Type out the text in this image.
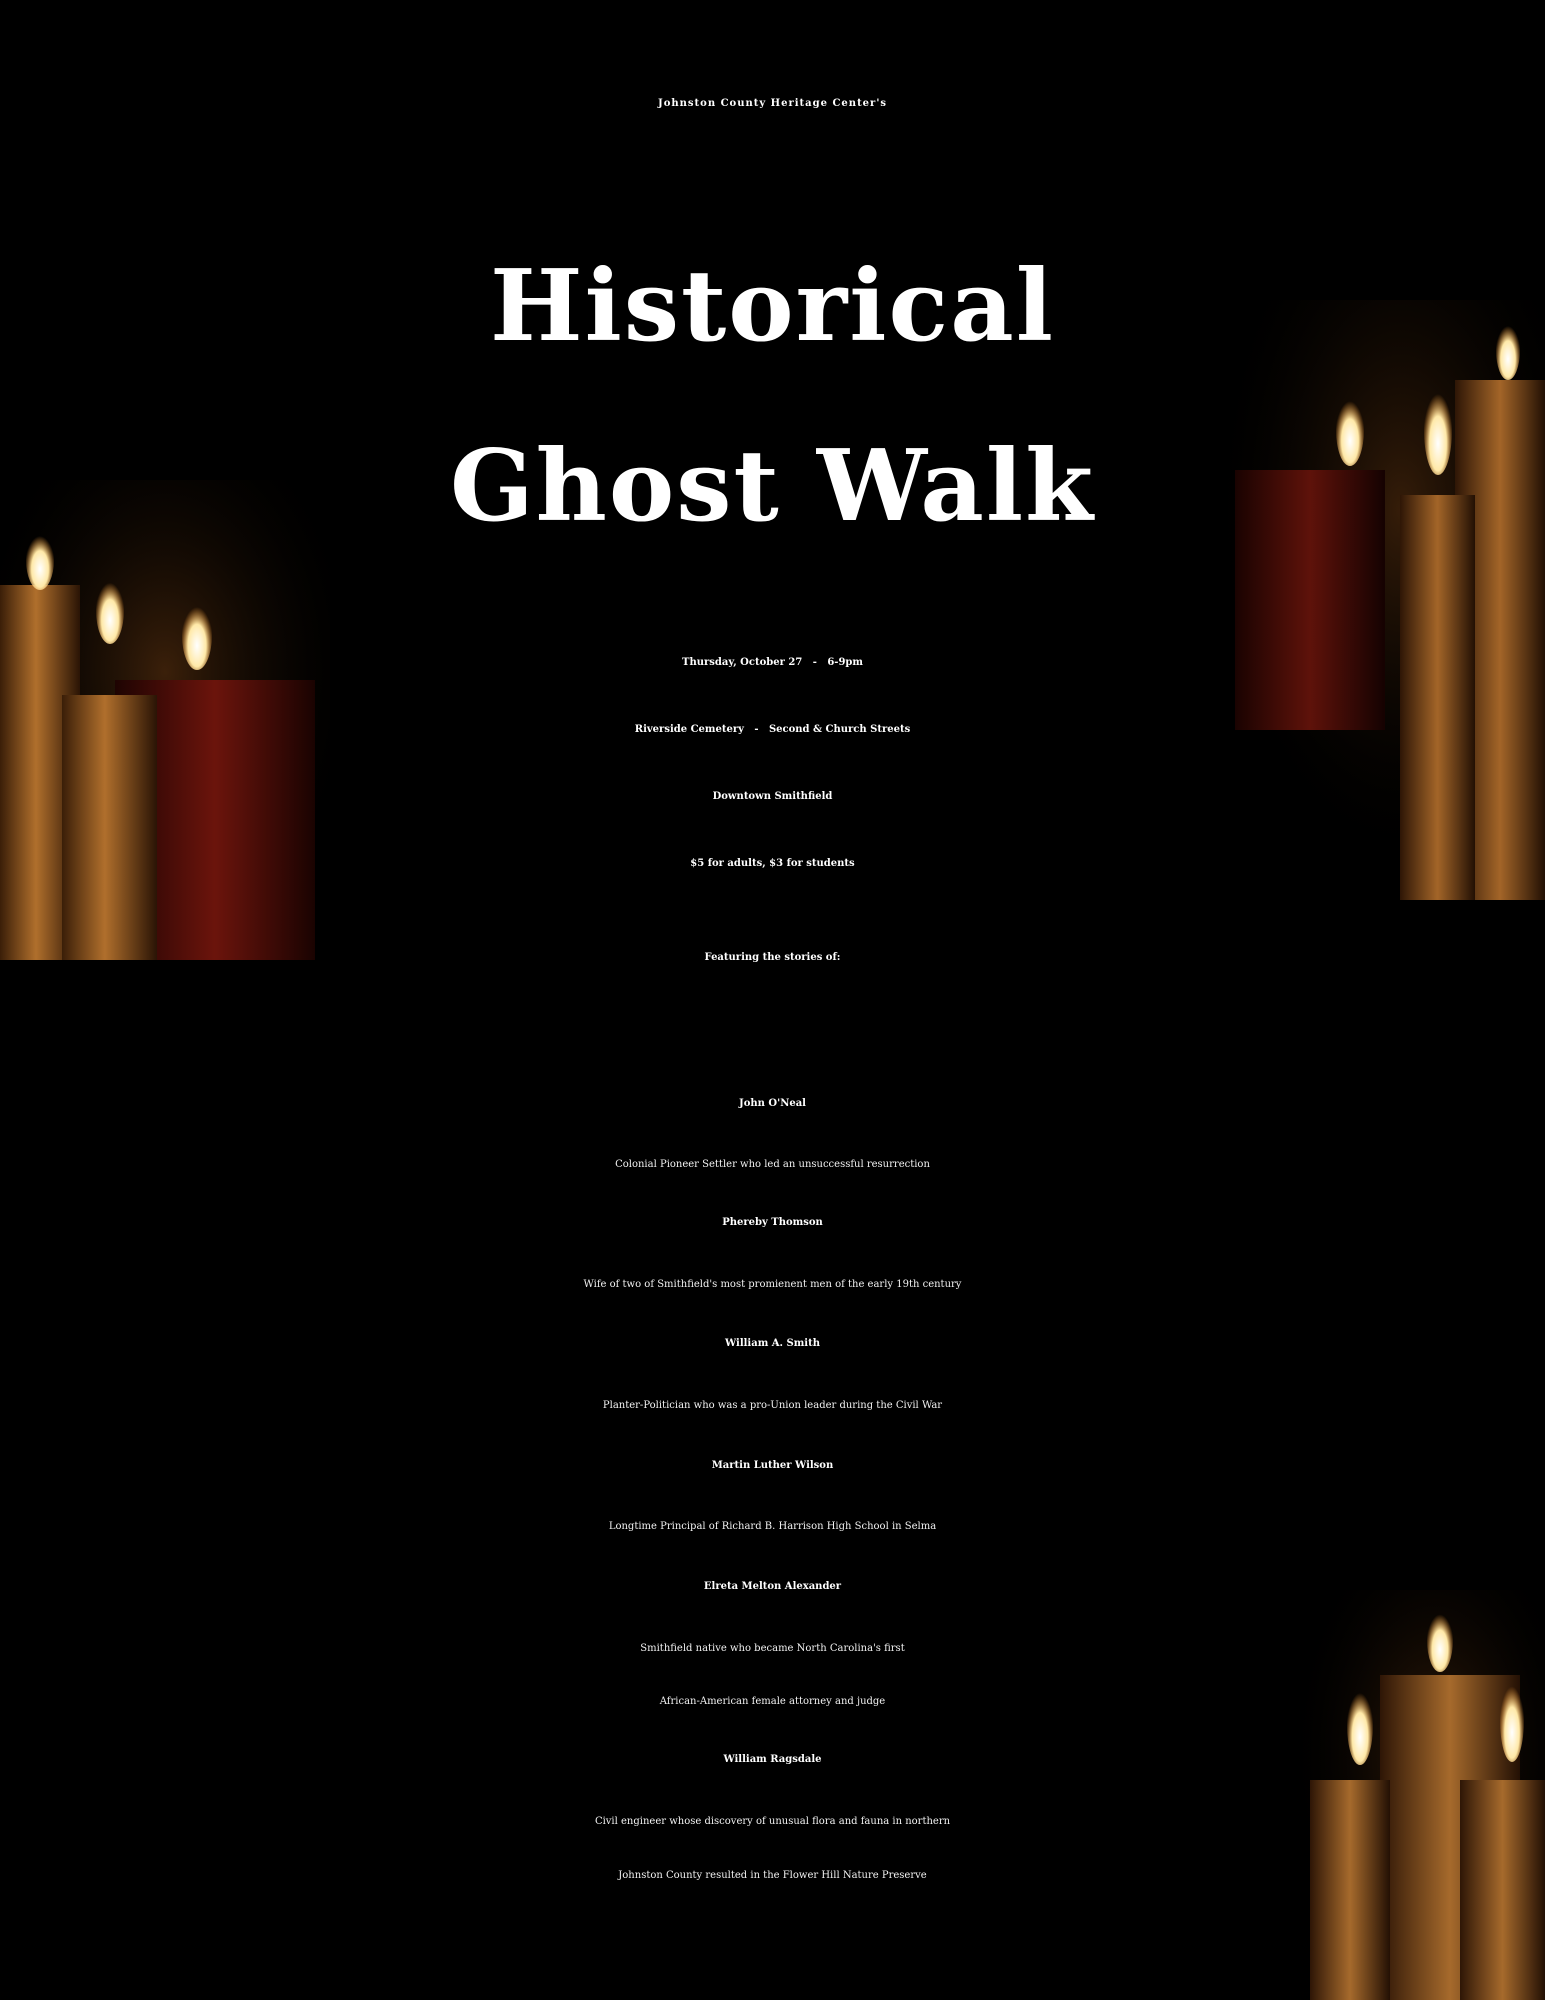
Johnston County Heritage Center's
Historical
Ghost Walk
Thursday, October 27   -   6-9pm
Riverside Cemetery   -   Second & Church Streets
Downtown Smithfield
$5 for adults, $3 for students
Featuring the stories of:
John O'Neal
Colonial Pioneer Settler who led an unsuccessful resurrection
Phereby Thomson
Wife of two of Smithfield's most promienent men of the early 19th century
William A. Smith
Planter-Politician who was a pro-Union leader during the Civil War
Martin Luther Wilson
Longtime Principal of Richard B. Harrison High School in Selma
Elreta Melton Alexander
Smithfield native who became North Carolina's first
African-American female attorney and judge
William Ragsdale
Civil engineer whose discovery of unusual flora and fauna in northern
Johnston County resulted in the Flower Hill Nature Preserve
